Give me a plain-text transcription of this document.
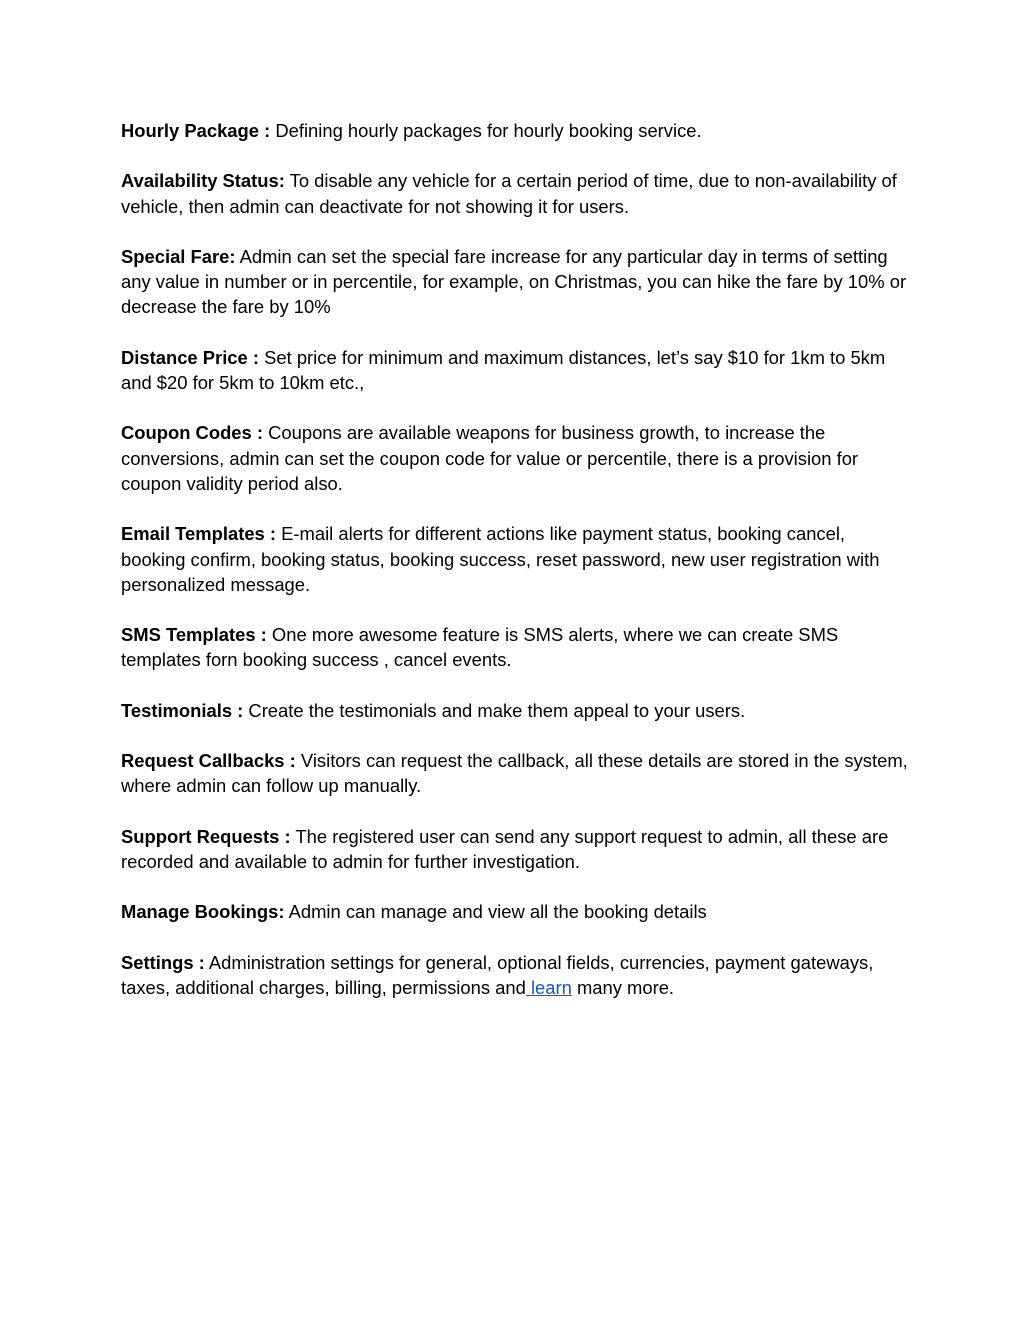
Hourly Package : Defining hourly packages for hourly booking service.

Availability Status: To disable any vehicle for a certain period of time, due to non-availability of vehicle, then admin can deactivate for not showing it for users.

Special Fare: Admin can set the special fare increase for any particular day in terms of setting any value in number or in percentile, for example, on Christmas, you can hike the fare by 10% or decrease the fare by 10%

Distance Price : Set price for minimum and maximum distances, let’s say $10 for 1km to 5km and $20 for 5km to 10km etc.,

Coupon Codes : Coupons are available weapons for business growth, to increase the conversions, admin can set the coupon code for value or percentile, there is a provision for coupon validity period also.

Email Templates : E-mail alerts for different actions like payment status, booking cancel, booking confirm, booking status, booking success, reset password, new user registration with personalized message.

SMS Templates : One more awesome feature is SMS alerts, where we can create SMS templates forn booking success , cancel events.

Testimonials : Create the testimonials and make them appeal to your users.

Request Callbacks : Visitors can request the callback, all these details are stored in the system, where admin can follow up manually.

Support Requests : The registered user can send any support request to admin, all these are recorded and available to admin for further investigation.

Manage Bookings: Admin can manage and view all the booking details

Settings : Administration settings for general, optional fields, currencies, payment gateways, taxes, additional charges, billing, permissions and learn many more.
